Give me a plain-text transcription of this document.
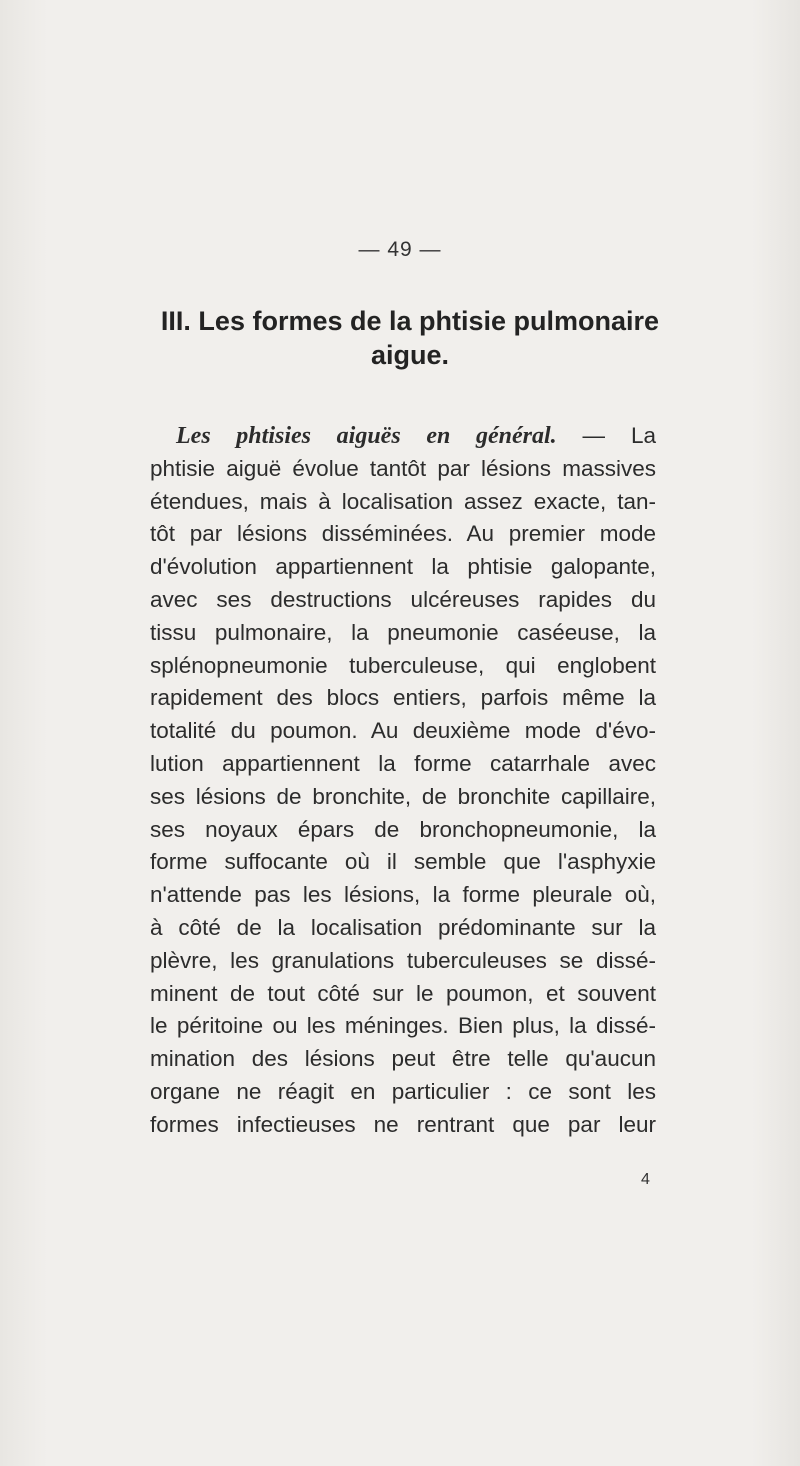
— 49 —
III. Les formes de la phtisie pulmonaire
aigue.
Les phtisies aiguës en général. — La
phtisie aiguë évolue tantôt par lésions massives
étendues, mais à localisation assez exacte, tan-
tôt par lésions disséminées. Au premier mode
d'évolution appartiennent la phtisie galopante,
avec ses destructions ulcéreuses rapides du
tissu pulmonaire, la pneumonie caséeuse, la
splénopneumonie tuberculeuse, qui englobent
rapidement des blocs entiers, parfois même la
totalité du poumon. Au deuxième mode d'évo-
lution appartiennent la forme catarrhale avec
ses lésions de bronchite, de bronchite capillaire,
ses noyaux épars de bronchopneumonie, la
forme suffocante où il semble que l'asphyxie
n'attende pas les lésions, la forme pleurale où,
à côté de la localisation prédominante sur la
plèvre, les granulations tuberculeuses se dissé-
minent de tout côté sur le poumon, et souvent
le péritoine ou les méninges. Bien plus, la dissé-
mination des lésions peut être telle qu'aucun
organe ne réagit en particulier : ce sont les
formes infectieuses ne rentrant que par leur
4
